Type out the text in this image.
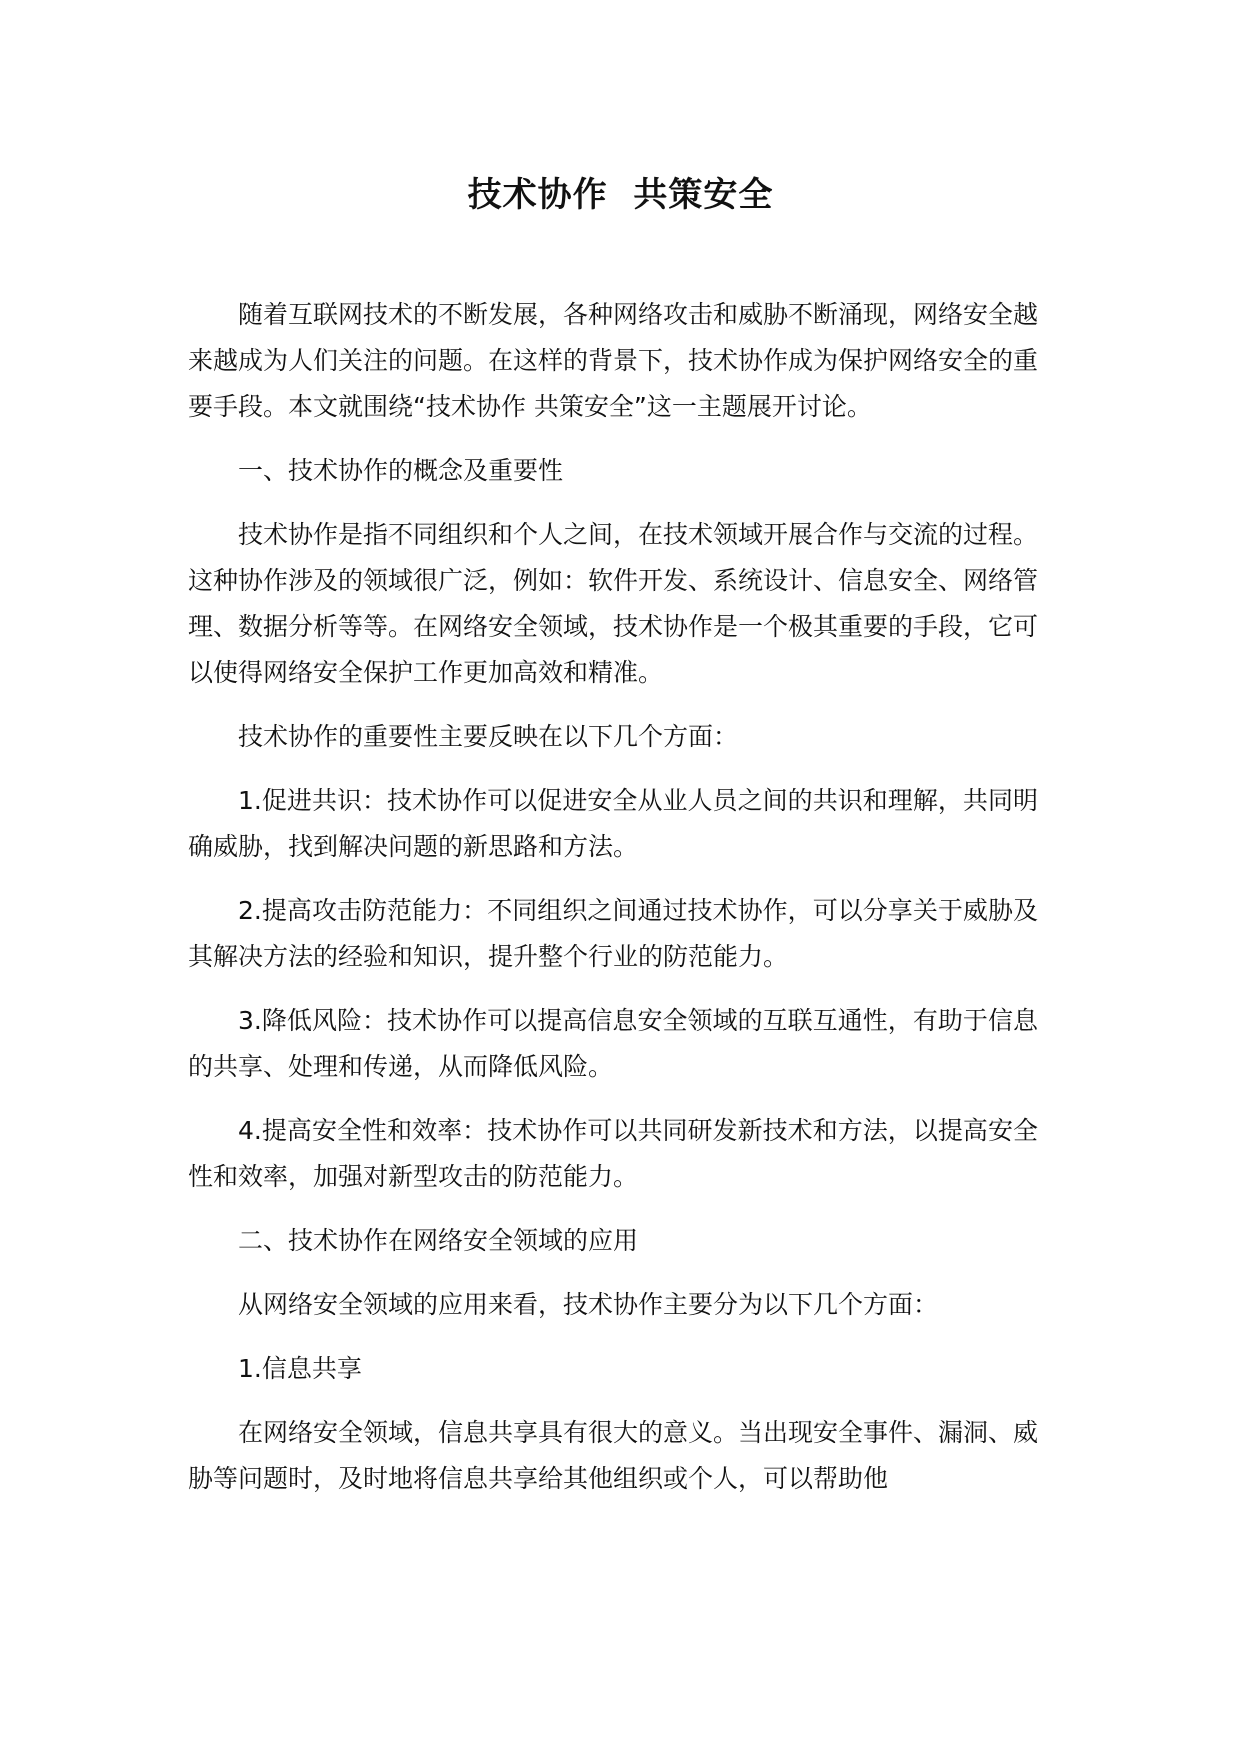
技术协作  共策安全

随着互联网技术的不断发展，各种网络攻击和威胁不断涌现，网络安全越来越成为人们关注的问题。在这样的背景下，技术协作成为保护网络安全的重要手段。本文就围绕“技术协作 共策安全”这一主题展开讨论。

一、技术协作的概念及重要性

技术协作是指不同组织和个人之间，在技术领域开展合作与交流的过程。这种协作涉及的领域很广泛，例如：软件开发、系统设计、信息安全、网络管理、数据分析等等。在网络安全领域，技术协作是一个极其重要的手段，它可以使得网络安全保护工作更加高效和精准。

技术协作的重要性主要反映在以下几个方面：

1.促进共识：技术协作可以促进安全从业人员之间的共识和理解，共同明确威胁，找到解决问题的新思路和方法。

2.提高攻击防范能力：不同组织之间通过技术协作，可以分享关于威胁及其解决方法的经验和知识，提升整个行业的防范能力。

3.降低风险：技术协作可以提高信息安全领域的互联互通性，有助于信息的共享、处理和传递，从而降低风险。

4.提高安全性和效率：技术协作可以共同研发新技术和方法，以提高安全性和效率，加强对新型攻击的防范能力。

二、技术协作在网络安全领域的应用

从网络安全领域的应用来看，技术协作主要分为以下几个方面：

1.信息共享

在网络安全领域，信息共享具有很大的意义。当出现安全事件、漏洞、威胁等问题时，及时地将信息共享给其他组织或个人，可以帮助他
